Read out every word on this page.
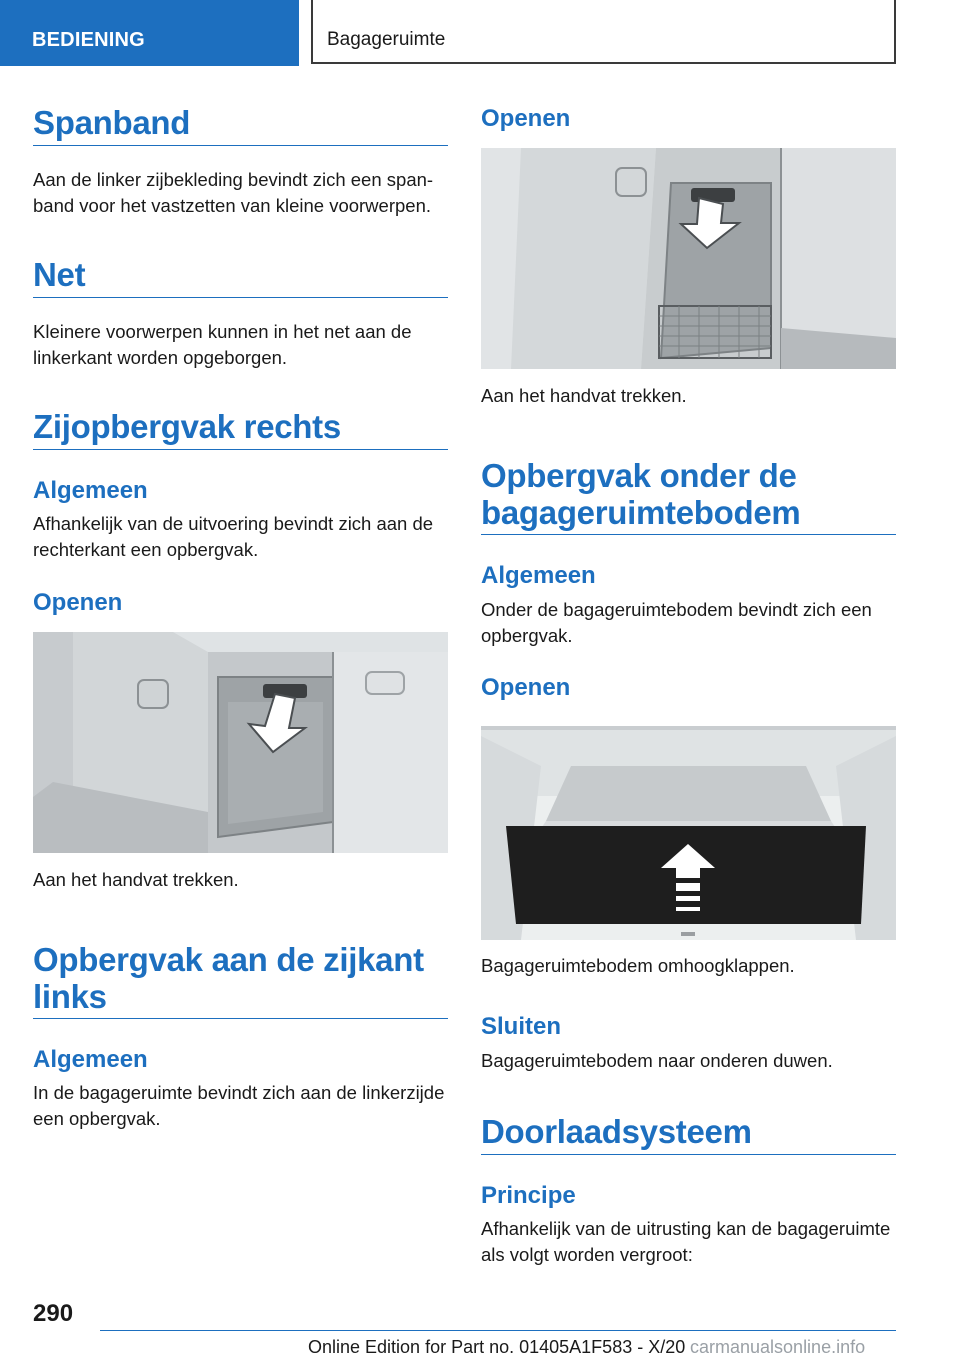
BEDIENING	Bagageruimte
Spanband
Aan de linker zijbekleding bevindt zich een spanband voor het vastzetten van kleine voorwerpen.
Net
Kleinere voorwerpen kunnen in het net aan de linkerkant worden opgeborgen.
Zijopbergvak rechts
Algemeen
Afhankelijk van de uitvoering bevindt zich aan de rechterkant een opbergvak.
Openen
Aan het handvat trekken.
Opbergvak aan de zijkant
links
Algemeen
In de bagageruimte bevindt zich aan de linkerzijde een opbergvak.
Openen
Aan het handvat trekken.
Opbergvak onder de
bagageruimtebodem
Algemeen
Onder de bagageruimtebodem bevindt zich een opbergvak.
Openen
Bagageruimtebodem omhoogklappen.
Sluiten
Bagageruimtebodem naar onderen duwen.
Doorlaadsysteem
Principe
Afhankelijk van de uitrusting kan de bagageruimte als volgt worden vergroot:
290
Online Edition for Part no. 01405A1F583 - X/20 carmanualsonline.info
